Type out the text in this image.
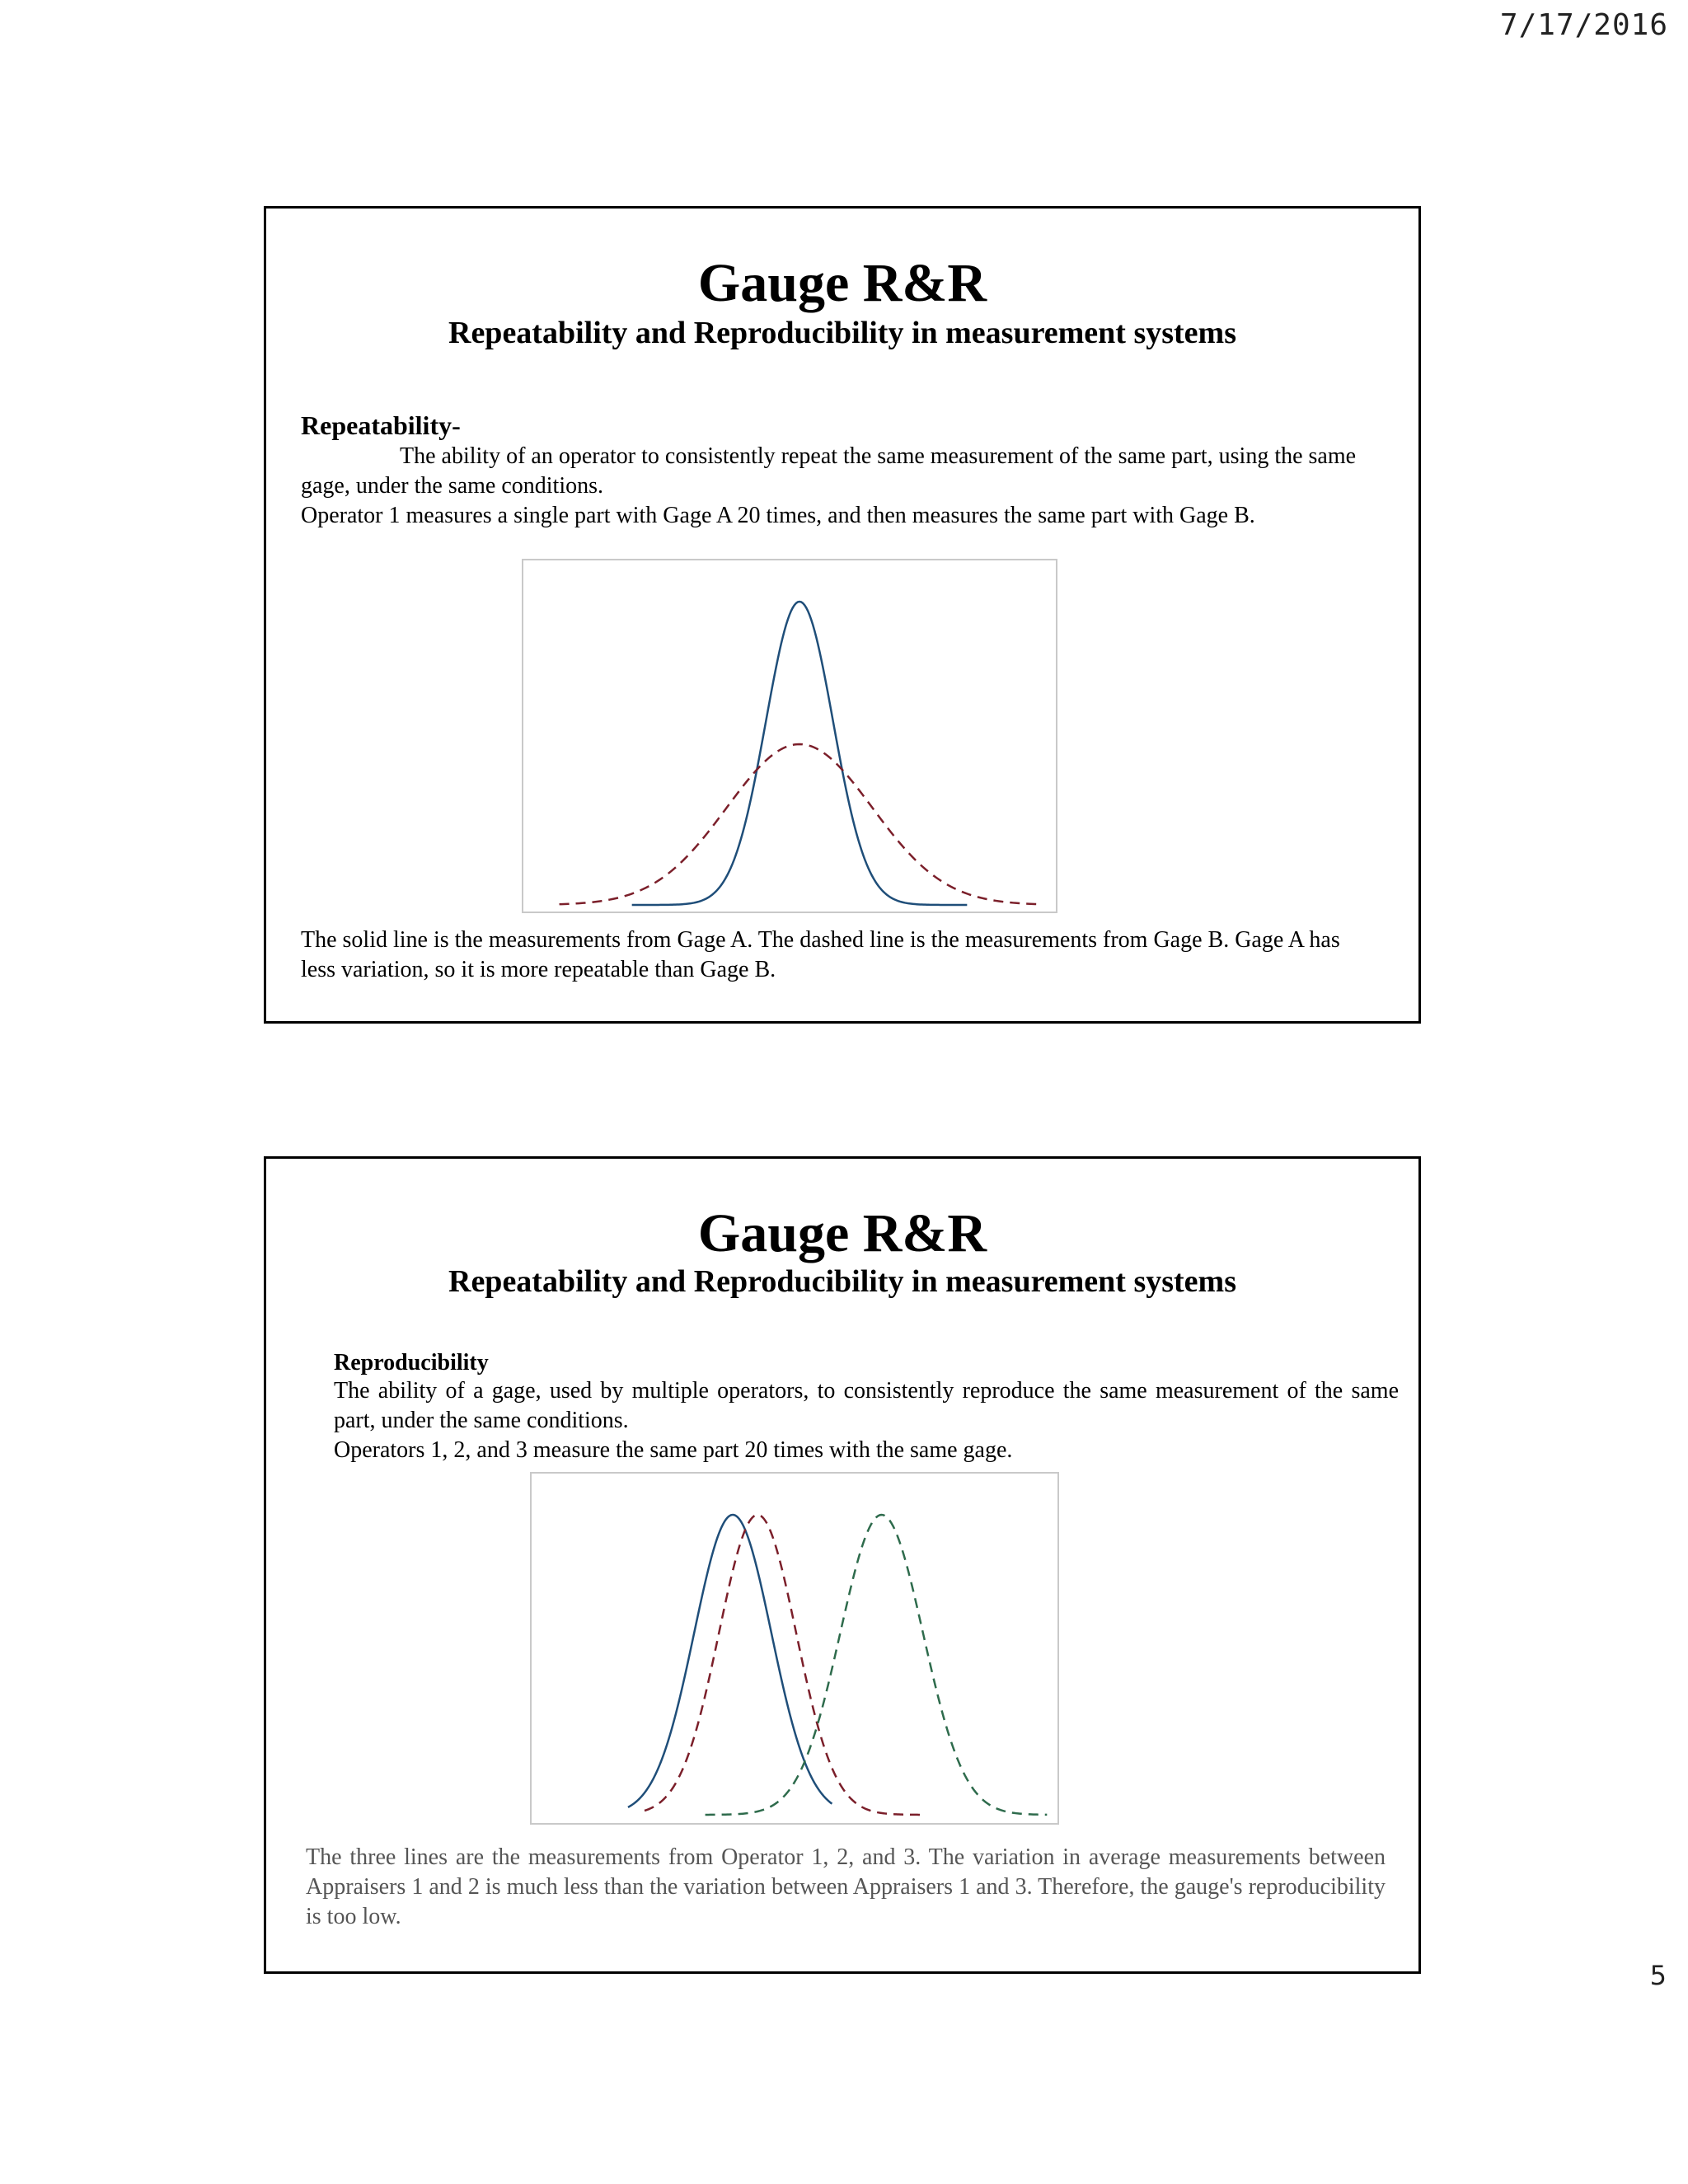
7/17/2016
Gauge R&R
Repeatability and Reproducibility in measurement systems
Repeatability-

The ability of an operator to consistently repeat the same measurement of the same part, using the same gage, under the same conditions.

Operator 1 measures a single part with Gage A 20 times, and then measures the same part with Gage B.

The solid line is the measurements from Gage A. The dashed line is the measurements from Gage B. Gage A has less variation, so it is more repeatable than Gage B.

Gauge R&R
Repeatability and Reproducibility in measurement systems
Reproducibility

The ability of a gage, used by multiple operators, to consistently reproduce the same measurement of the same part, under the same conditions.

Operators 1, 2, and 3 measure the same part 20 times with the same gage.

The three lines are the measurements from Operator 1, 2, and 3. The variation in average measurements between Appraisers 1 and 2 is much less than the variation between Appraisers 1 and 3. Therefore, the gauge's reproducibility is too low.

5
